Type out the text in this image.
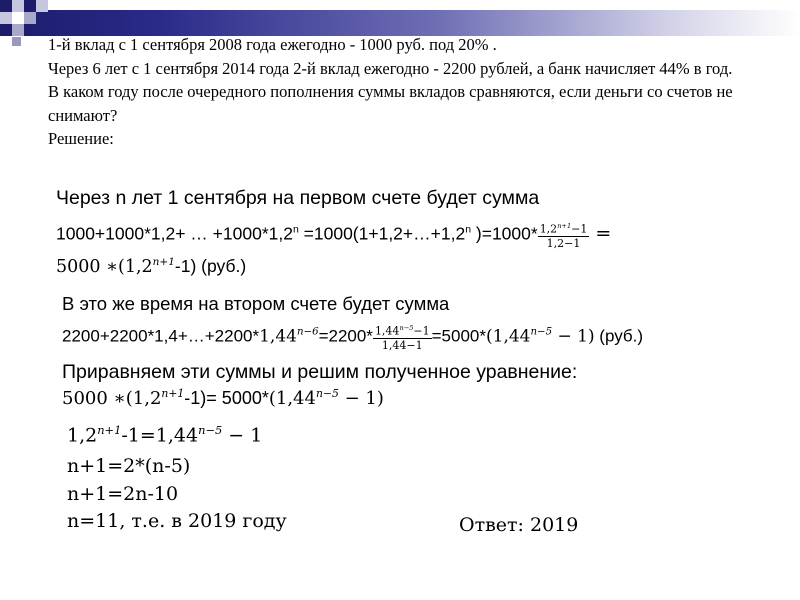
1-й вклад с 1 сентября 2008 года ежегодно - 1000 руб. под 20% .

Через 6 лет с 1 сентября 2014 года 2-й вклад ежегодно - 2200 рублей, а банк начисляет 44% в год.

В каком году после очередного пополнения суммы вкладов сравняются, если деньги со счетов не снимают?

Решение:

Через n лет 1 сентября на первом счете будет сумма
1000+1000*1,2+ … $+1000*1,2^n$ $=1000(1+1,2+\dots+1,2^n$ )$=1000* \frac{1,2^{n+1}-1}{1,2-1}$ =
5000 $∗(1,2^{n+1}-1)$ (руб.)
В это же время на втором счете будет сумма
$2200+2200*1,4+\dots+2200*1,44^{n-6}=2200* \frac{1,44^{n-5}-1}{1,44-1} =5000*(1,44^{n-5} - 1)$ (руб.)
Приравняем эти суммы и решим полученное уравнение:
5000 $∗(1,2^{n+1}-1)= 5000*(1,44^{n-5} - 1)$
$1,2^{n+1}-1=1,44^{n-5} - 1$
n+1=2*(n-5)
n+1=2n-10
n=11, т.е. в 2019 году	Ответ: 2019
